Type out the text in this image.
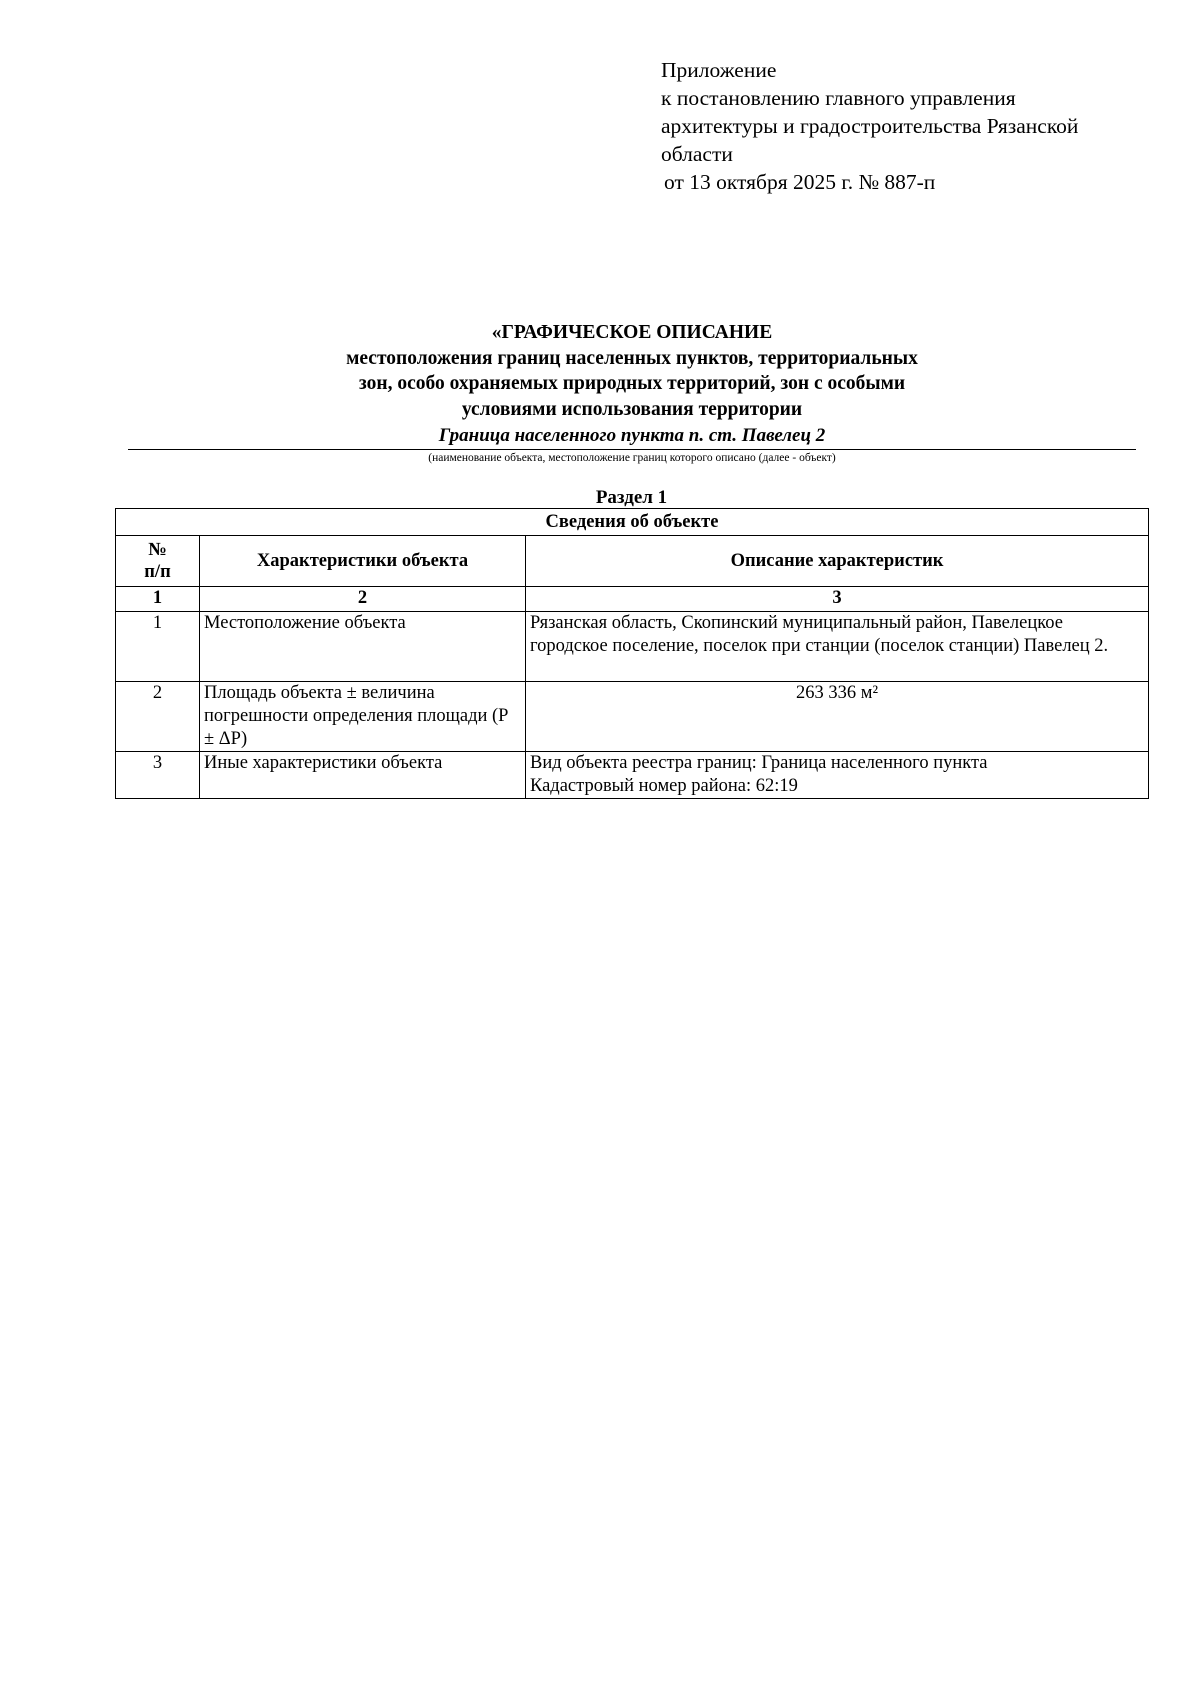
Приложение
к постановлению главного управления
архитектуры и градостроительства Рязанской
области
от 13 октября 2025 г. № 887-п
«ГРАФИЧЕСКОЕ ОПИСАНИЕ
местоположения границ населенных пунктов, территориальных
зон, особо охраняемых природных территорий, зон с особыми
условиями использования территории
Граница населенного пункта п. ст. Павелец 2
(наименование объекта, местоположение границ которого описано (далее - объект)
Раздел 1
Сведения об объекте		

№
п/п	Характеристики объекта	Описание характеристик
1	2	3
1	Местоположение объекта	Рязанская область, Скопинский муниципальный район, Павелецкое городское поселение, поселок при станции (поселок станции) Павелец 2.
2	Площадь объекта ± величина погрешности определения площади (P ± ΔP)	263 336 м²
3	Иные характеристики объекта	Вид объекта реестра границ: Граница населенного пункта
Кадастровый номер района: 62:19
